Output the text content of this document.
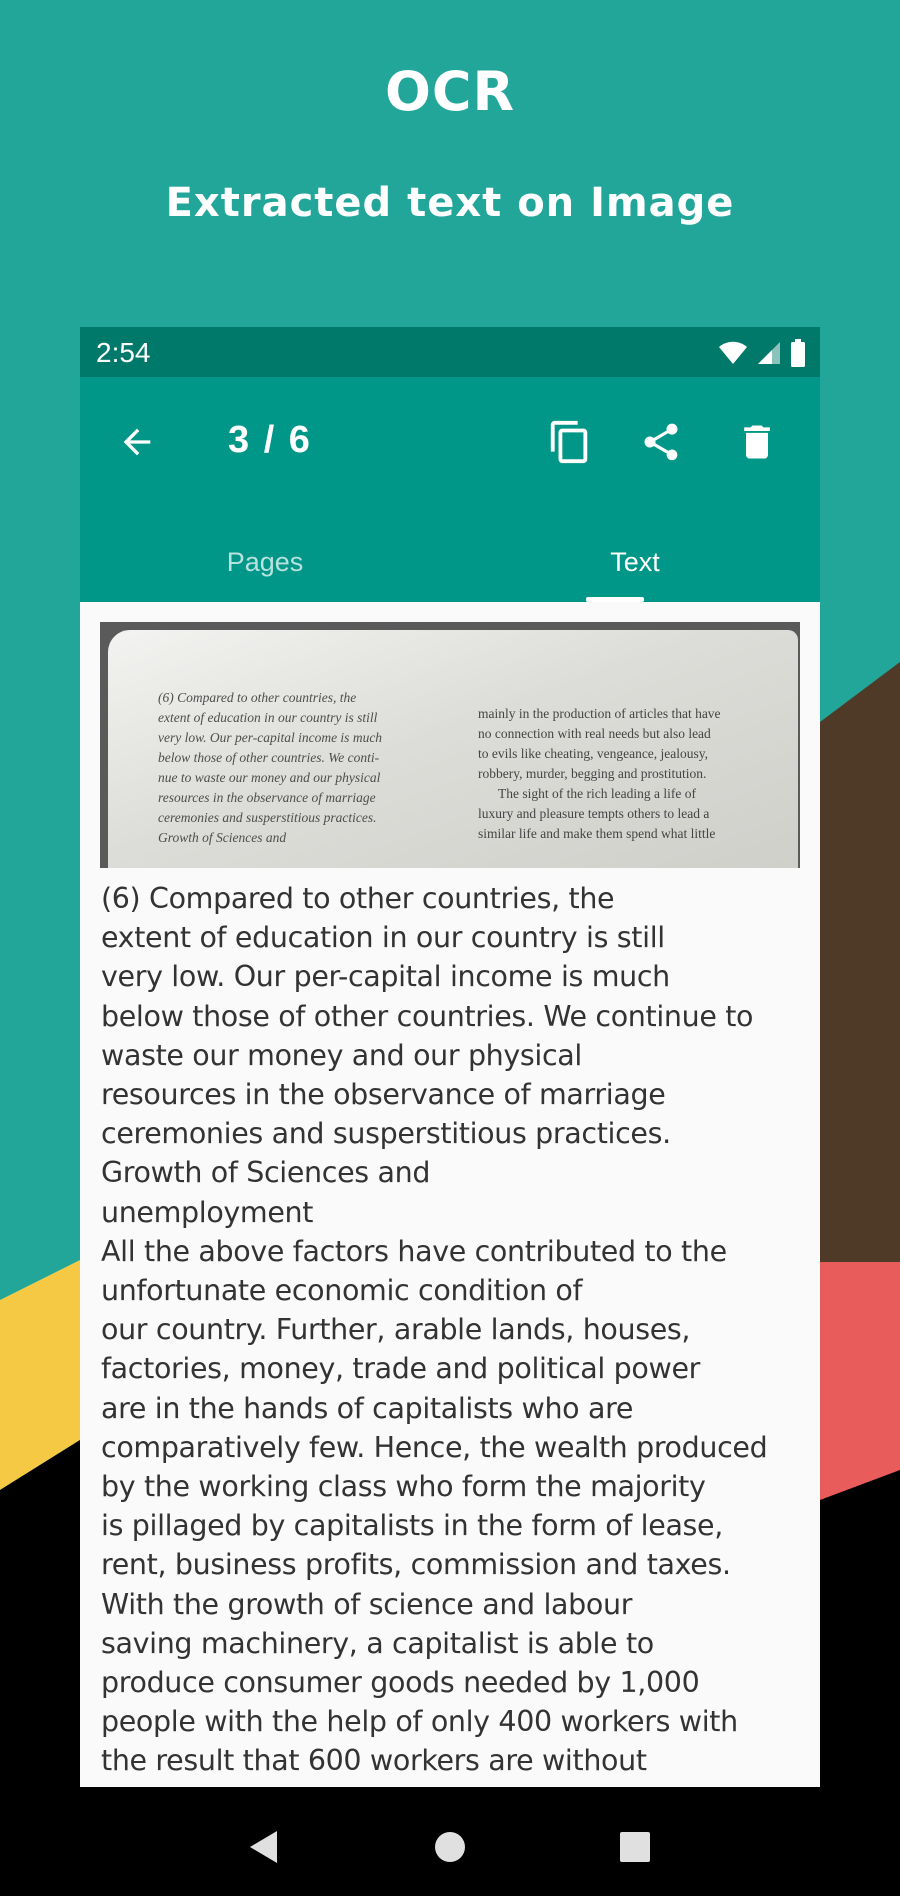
OCR
Extracted text on Image
2:54
3 / 6
Pages	Text
(6) Compared to other countries, the
extent of education in our country is still
very low. Our per-capital income is much
below those of other countries. We conti-
nue to waste our money and our physical
resources in the observance of marriage
ceremonies and susperstitious practices.
Growth of Sciences and
mainly in the production of articles that have
no connection with real needs but also lead
to evils like cheating, vengeance, jealousy,
robbery, murder, begging and prostitution.
The sight of the rich leading a life of
luxury and pleasure tempts others to lead a
similar life and make them spend what little
(6) Compared to other countries, the
extent of education in our country is still
very low. Our per-capital income is much
below those of other countries. We continue to
waste our money and our physical
resources in the observance of marriage
ceremonies and susperstitious practices.
Growth of Sciences and
unemployment
All the above factors have contributed to the
unfortunate economic condition of
our country. Further, arable lands, houses,
factories, money, trade and political power
are in the hands of capitalists who are
comparatively few. Hence, the wealth produced
by the working class who form the majority
is pillaged by capitalists in the form of lease,
rent, business profits, commission and taxes.
With the growth of science and labour
saving machinery, a capitalist is able to
produce consumer goods needed by 1,000
people with the help of only 400 workers with
the result that 600 workers are without
